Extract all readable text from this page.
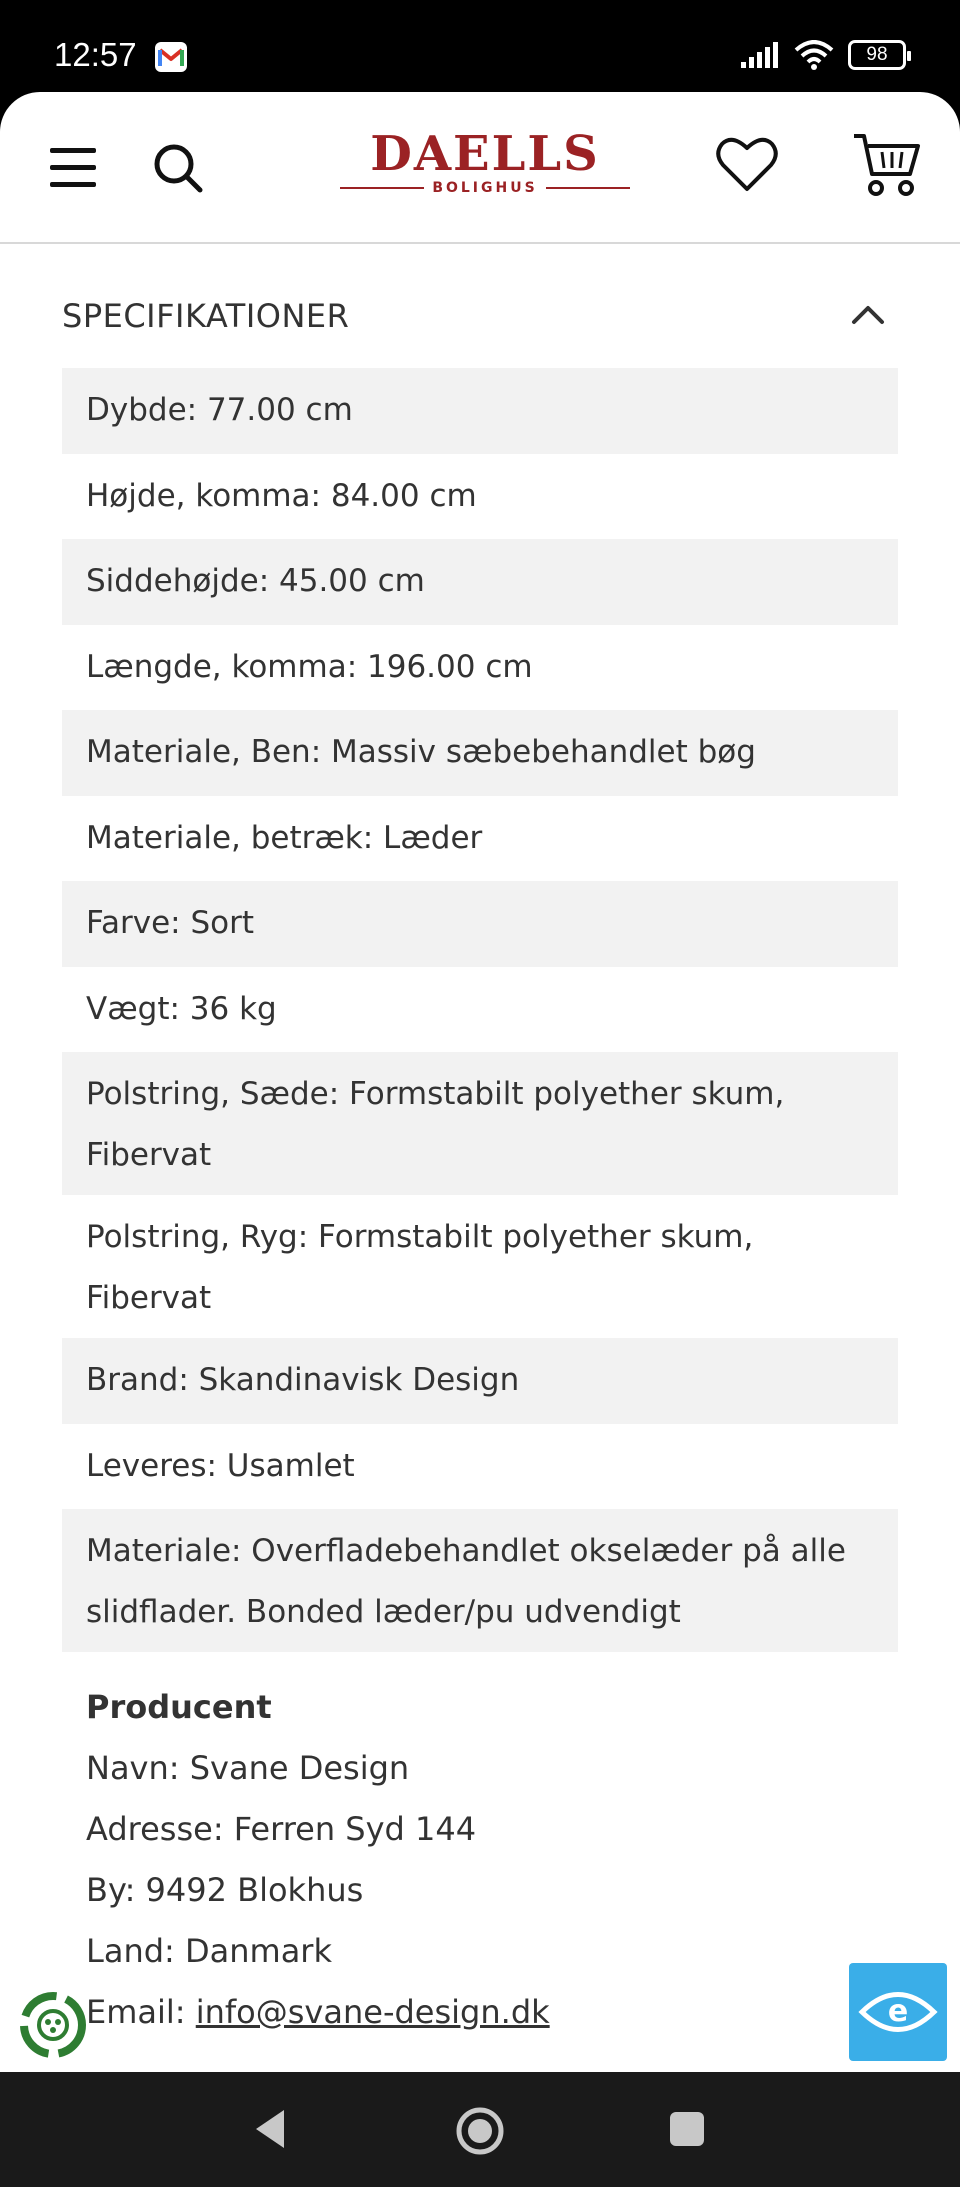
12:57	98
DAELLS
BOLIGHUS
SPECIFIKATIONER
Dybde: 77.00 cm
Højde, komma: 84.00 cm
Siddehøjde: 45.00 cm
Længde, komma: 196.00 cm
Materiale, Ben: Massiv sæbebehandlet bøg
Materiale, betræk: Læder
Farve: Sort
Vægt: 36 kg
Polstring, Sæde: Formstabilt polyether skum, Fibervat
Polstring, Ryg: Formstabilt polyether skum, Fibervat
Brand: Skandinavisk Design
Leveres: Usamlet
Materiale: Overfladebehandlet okselæder på alle slidflader. Bonded læder/pu udvendigt
Producent
Navn: Svane Design
Adresse: Ferren Syd 144
By: 9492 Blokhus
Land: Danmark
Email: info@svane-design.dk	e
